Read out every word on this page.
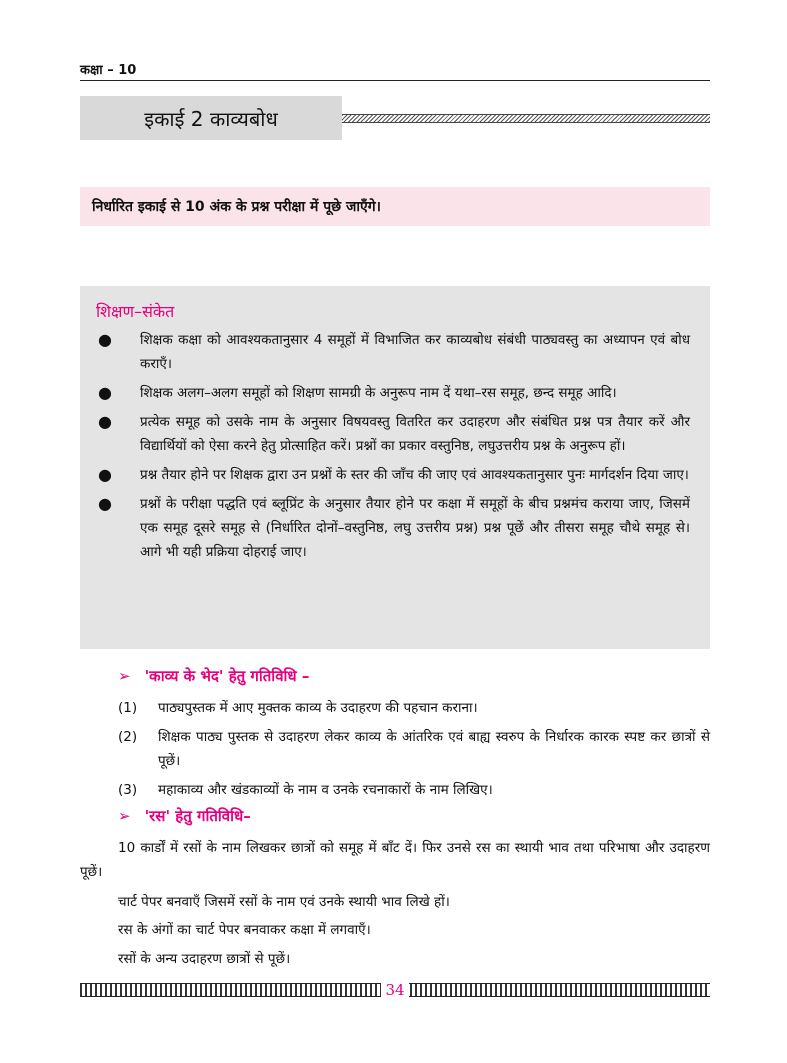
कक्षा – 10
इकाई 2 काव्यबोध
निर्धारित इकाई से 10 अंक के प्रश्न परीक्षा में पूछे जाएँगे।
शिक्षण–संकेत
● शिक्षक कक्षा को आवश्यकतानुसार 4 समूहों में विभाजित कर काव्यबोध संबंधी पाठ्यवस्तु का अध्यापन एवं बोध कराएँ।
● शिक्षक अलग–अलग समूहों को शिक्षण सामग्री के अनुरूप नाम दें यथा–रस समूह, छन्द समूह आदि।
● प्रत्येक समूह को उसके नाम के अनुसार विषयवस्तु वितरित कर उदाहरण और संबंधित प्रश्न पत्र तैयार करें और विद्यार्थियों को ऐसा करने हेतु प्रोत्साहित करें। प्रश्नों का प्रकार वस्तुनिष्ठ, लघुउत्तरीय प्रश्न के अनुरूप हों।
● प्रश्न तैयार होने पर शिक्षक द्वारा उन प्रश्नों के स्तर की जाँच की जाए एवं आवश्यकतानुसार पुनः मार्गदर्शन दिया जाए।
● प्रश्नों के परीक्षा पद्धति एवं ब्लूप्रिंट के अनुसार तैयार होने पर कक्षा में समूहों के बीच प्रश्नमंच कराया जाए, जिसमें एक समूह दूसरे समूह से (निर्धारित दोनों–वस्तुनिष्ठ, लघु उत्तरीय प्रश्न) प्रश्न पूछें और तीसरा समूह चौथे समूह से। आगे भी यही प्रक्रिया दोहराई जाए।
➢ 'काव्य के भेद' हेतु गतिविधि –
(1) पाठ्यपुस्तक में आए मुक्तक काव्य के उदाहरण की पहचान कराना।
(2) शिक्षक पाठ्य पुस्तक से उदाहरण लेकर काव्य के आंतरिक एवं बाह्य स्वरुप के निर्धारक कारक स्पष्ट कर छात्रों से पूछें।
(3) महाकाव्य और खंडकाव्यों के नाम व उनके रचनाकारों के नाम लिखिए।
➢ 'रस' हेतु गतिविधि–
10 कार्डों में रसों के नाम लिखकर छात्रों को समूह में बाँट दें। फिर उनसे रस का स्थायी भाव तथा परिभाषा और उदाहरण पूछें।
चार्ट पेपर बनवाएँ जिसमें रसों के नाम एवं उनके स्थायी भाव लिखे हों।
रस के अंगों का चार्ट पेपर बनवाकर कक्षा में लगवाएँ।
रसों के अन्य उदाहरण छात्रों से पूछें।
34
